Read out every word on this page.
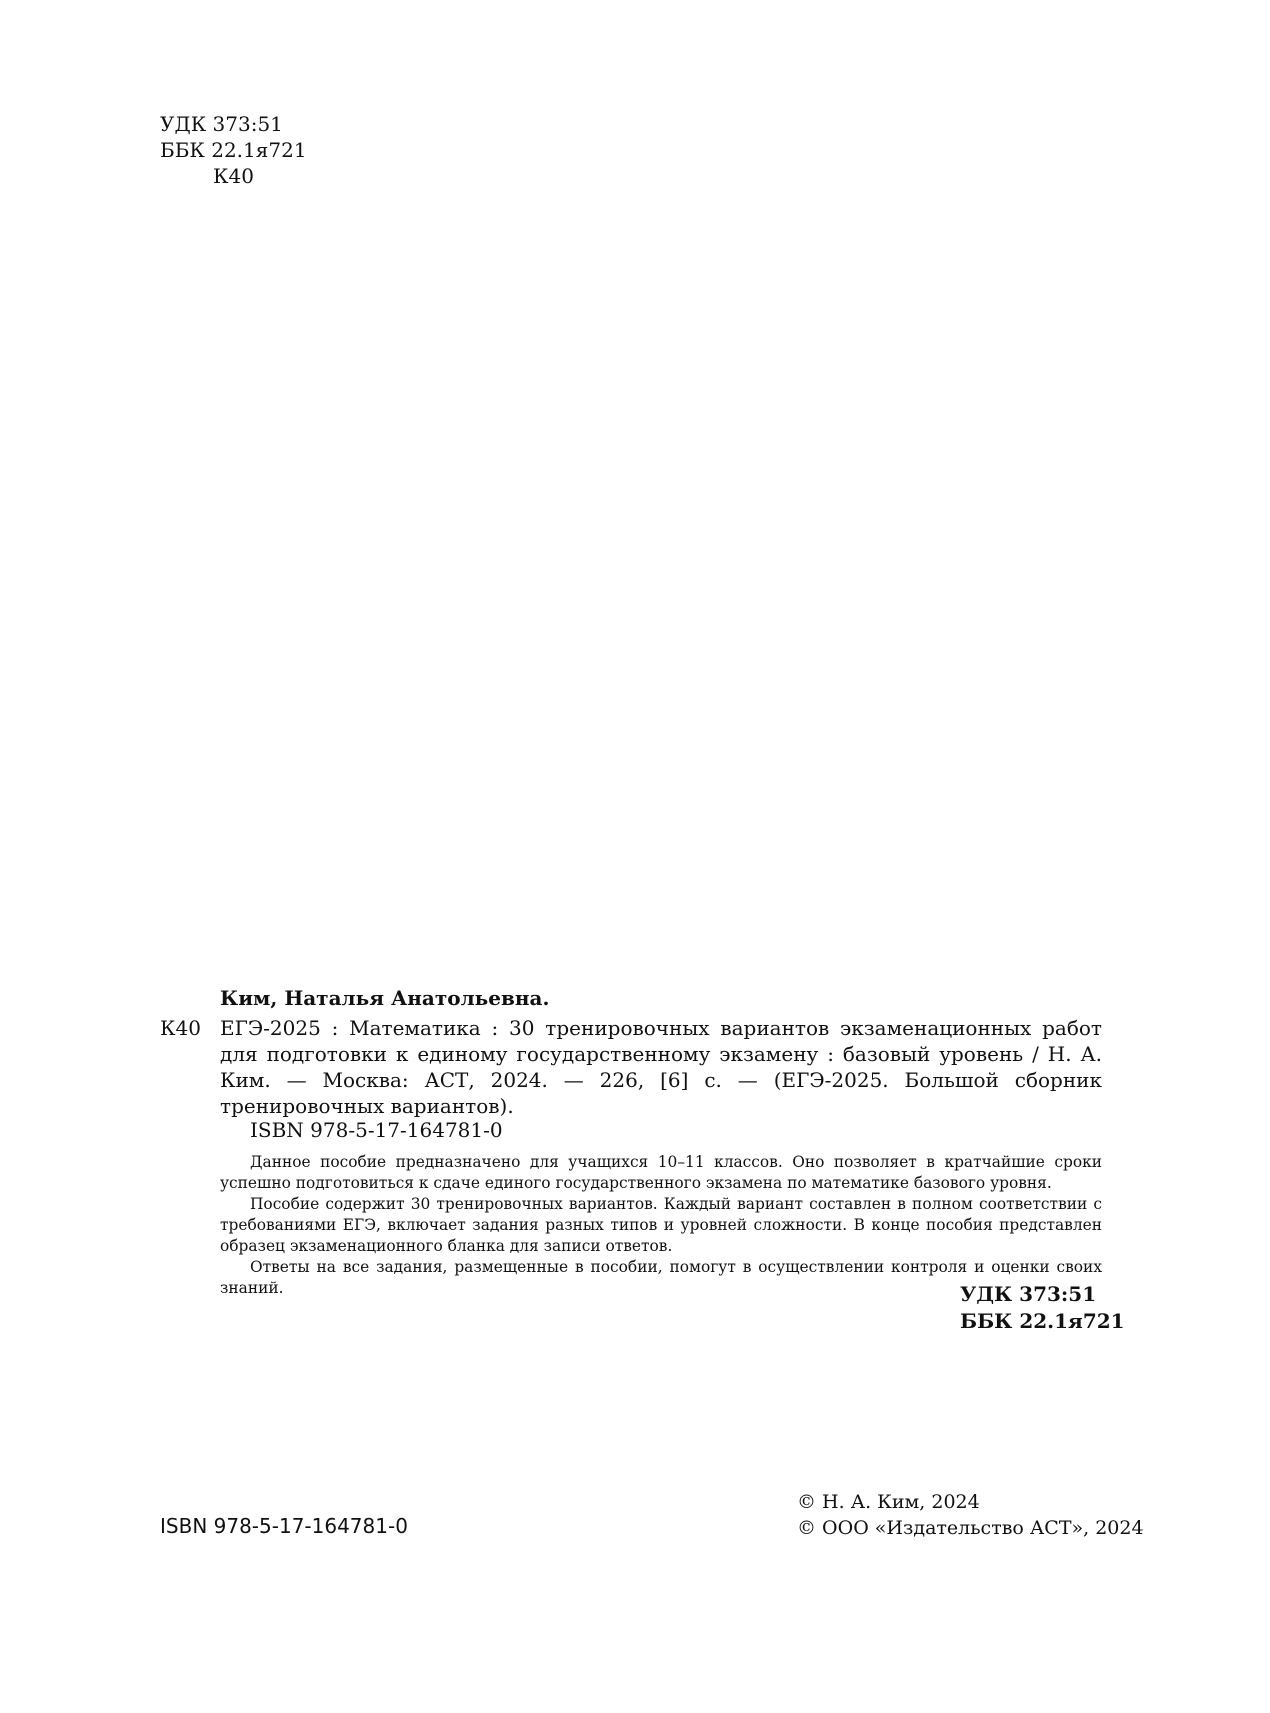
УДК 373:51
ББК 22.1я721
К40
Ким, Наталья Анатольевна.
К40 ЕГЭ-2025 : Математика : 30 тренировочных вариантов экзаменационных работ для подготовки к единому государственному экзамену : базовый уровень / Н. А. Ким. — Москва: АСТ, 2024. — 226, [6] с. — (ЕГЭ-2025. Большой сборник тренировочных вариантов).
ISBN 978-5-17-164781-0

Данное пособие предназначено для учащихся 10–11 классов. Оно позволяет в кратчайшие сроки успешно подготовиться к сдаче единого государственного экзамена по математике базового уровня.

Пособие содержит 30 тренировочных вариантов. Каждый вариант составлен в полном соответствии с требованиями ЕГЭ, включает задания разных типов и уровней сложности. В конце пособия представлен образец экзаменационного бланка для записи ответов.

Ответы на все задания, размещенные в пособии, помогут в осуществлении контроля и оценки своих знаний.	УДК 373:51
ББК 22.1я721
ISBN 978-5-17-164781-0
© Н. А. Ким, 2024
© ООО «Издательство АСТ», 2024
